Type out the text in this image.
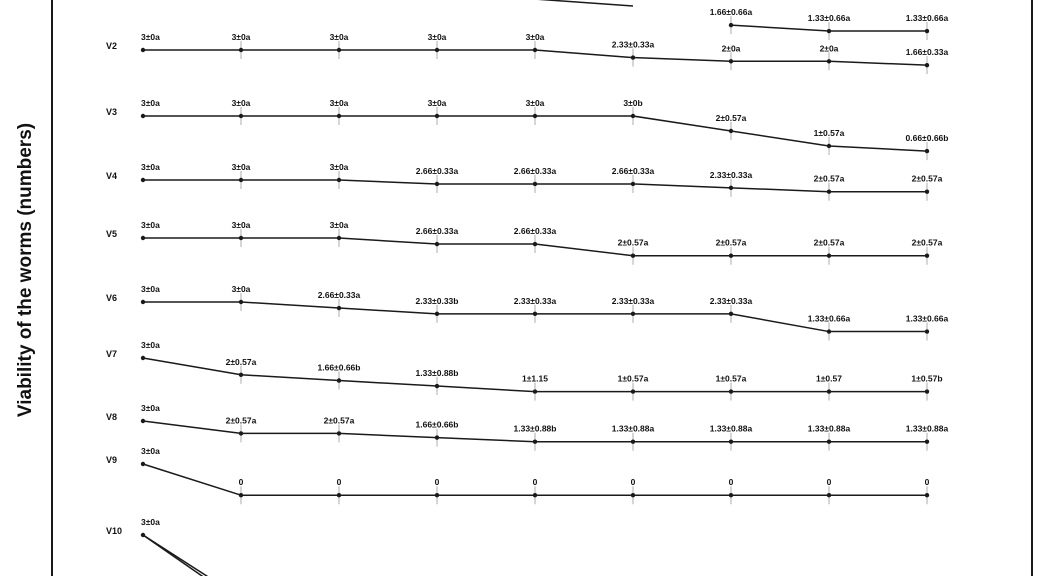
Viability of the worms (numbers)
3±0a	3±0a	3±0a	3±0a	3±0a
2.33±0.33a	2±0a	2±0a	1.66±0.33a
V2
3±0a	3±0a	3±0a	3±0a	3±0a	3±0b
2±0.57a
1±0.57a
0.66±0.66b
V3
3±0a	3±0a	3±0a	2.66±0.33a	2.66±0.33a	2.66±0.33a	2.33±0.33a	2±0.57a	2±0.57a
V4
3±0a	3±0a	3±0a
2.66±0.33a	2.66±0.33a
2±0.57a	2±0.57a	2±0.57a	2±0.57a
V5
3±0a	3±0a
2.66±0.33a
2.33±0.33b	2.33±0.33a	2.33±0.33a	2.33±0.33a
1.33±0.66a	1.33±0.66a
V6
3±0a
2±0.57a
1.66±0.66b
1.33±0.88b
1±1.15	1±0.57a	1±0.57a	1±0.57	1±0.57b
V7
3±0a
2±0.57a	2±0.57a	1.66±0.66b	1.33±0.88b	1.33±0.88a	1.33±0.88a	1.33±0.88a	1.33±0.88a
V8
3±0a
0	0	0	0	0	0	0	0
V9
3±0a
V10
1.66±0.66a
1.33±0.66a	1.33±0.66a
